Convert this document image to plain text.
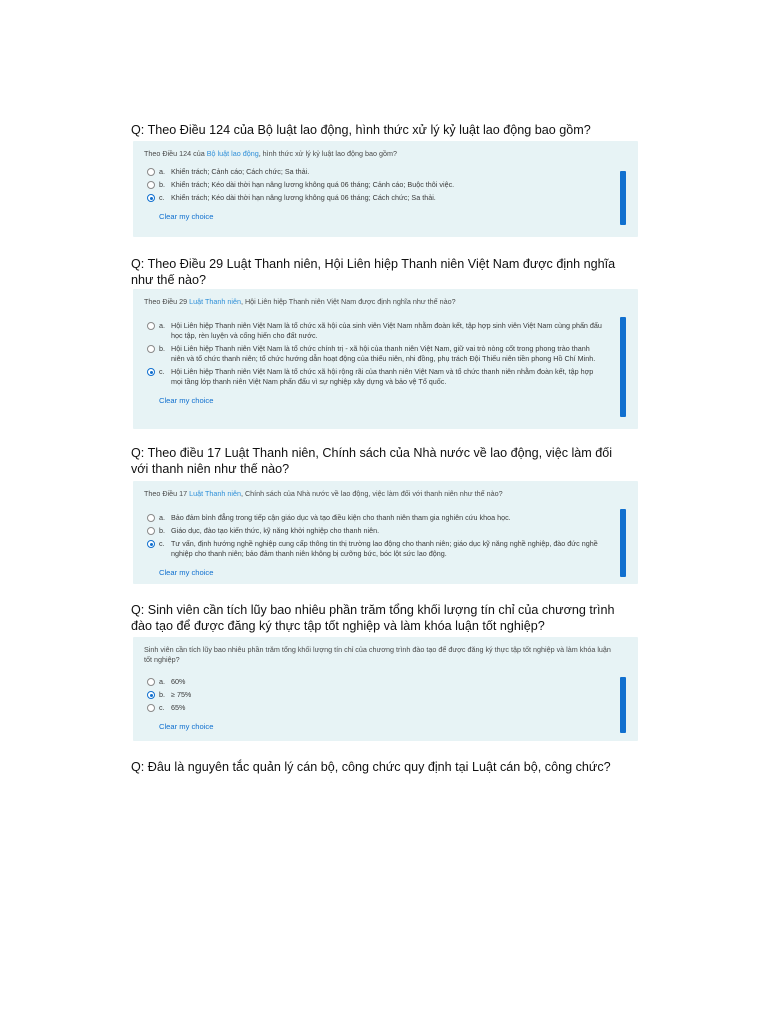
Q: Theo Điều 124 của Bộ luật lao động, hình thức xử lý kỷ luật lao động bao gồm?
Theo Điều 124 của Bộ luật lao động, hình thức xử lý kỷ luật lao động bao gồm?
a. Khiển trách; Cảnh cáo; Cách chức; Sa thải.
b. Khiển trách; Kéo dài thời hạn nâng lương không quá 06 tháng; Cảnh cáo; Buộc thôi việc.
c. Khiển trách; Kéo dài thời hạn nâng lương không quá 06 tháng; Cách chức; Sa thải.
Clear my choice
Q: Theo Điều 29 Luật Thanh niên, Hội Liên hiệp Thanh niên Việt Nam được định nghĩa như thế nào?
Theo Điều 29 Luật Thanh niên, Hội Liên hiệp Thanh niên Việt Nam được định nghĩa như thế nào?
a. Hội Liên hiệp Thanh niên Việt Nam là tổ chức xã hội của sinh viên Việt Nam nhằm đoàn kết, tập hợp sinh viên Việt Nam cùng phấn đấu học tập, rèn luyện và cống hiến cho đất nước.
b. Hội Liên hiệp Thanh niên Việt Nam là tổ chức chính trị - xã hội của thanh niên Việt Nam, giữ vai trò nòng cốt trong phong trào thanh niên và tổ chức thanh niên; tổ chức hướng dẫn hoạt động của thiếu niên, nhi đồng, phụ trách Đội Thiếu niên tiền phong Hồ Chí Minh.
c. Hội Liên hiệp Thanh niên Việt Nam là tổ chức xã hội rộng rãi của thanh niên Việt Nam và tổ chức thanh niên nhằm đoàn kết, tập hợp mọi tầng lớp thanh niên Việt Nam phấn đấu vì sự nghiệp xây dựng và bảo vệ Tổ quốc.
Clear my choice
Q: Theo điều 17 Luật Thanh niên, Chính sách của Nhà nước về lao động, việc làm đối với thanh niên như thế nào?
Theo Điều 17 Luật Thanh niên, Chính sách của Nhà nước về lao động, việc làm đối với thanh niên như thế nào?
a. Bảo đảm bình đẳng trong tiếp cận giáo dục và tạo điều kiện cho thanh niên tham gia nghiên cứu khoa học.
b. Giáo dục, đào tạo kiến thức, kỹ năng khởi nghiệp cho thanh niên.
c. Tư vấn, định hướng nghề nghiệp cung cấp thông tin thị trường lao động cho thanh niên; giáo dục kỹ năng nghề nghiệp, đào đức nghề nghiệp cho thanh niên; bảo đảm thanh niên không bị cưỡng bức, bóc lột sức lao động.
Clear my choice
Q: Sinh viên cần tích lũy bao nhiêu phần trăm tổng khối lượng tín chỉ của chương trình đào tạo để được đăng ký thực tập tốt nghiệp và làm khóa luận tốt nghiệp?
Sinh viên cần tích lũy bao nhiêu phần trăm tổng khối lượng tín chỉ của chương trình đào tạo để được đăng ký thực tập tốt nghiệp và làm khóa luận tốt nghiệp?
a. 60%
b. ≥ 75%
c. 65%
Clear my choice
Q: Đâu là nguyên tắc quản lý cán bộ, công chức quy định tại Luật cán bộ, công chức?
